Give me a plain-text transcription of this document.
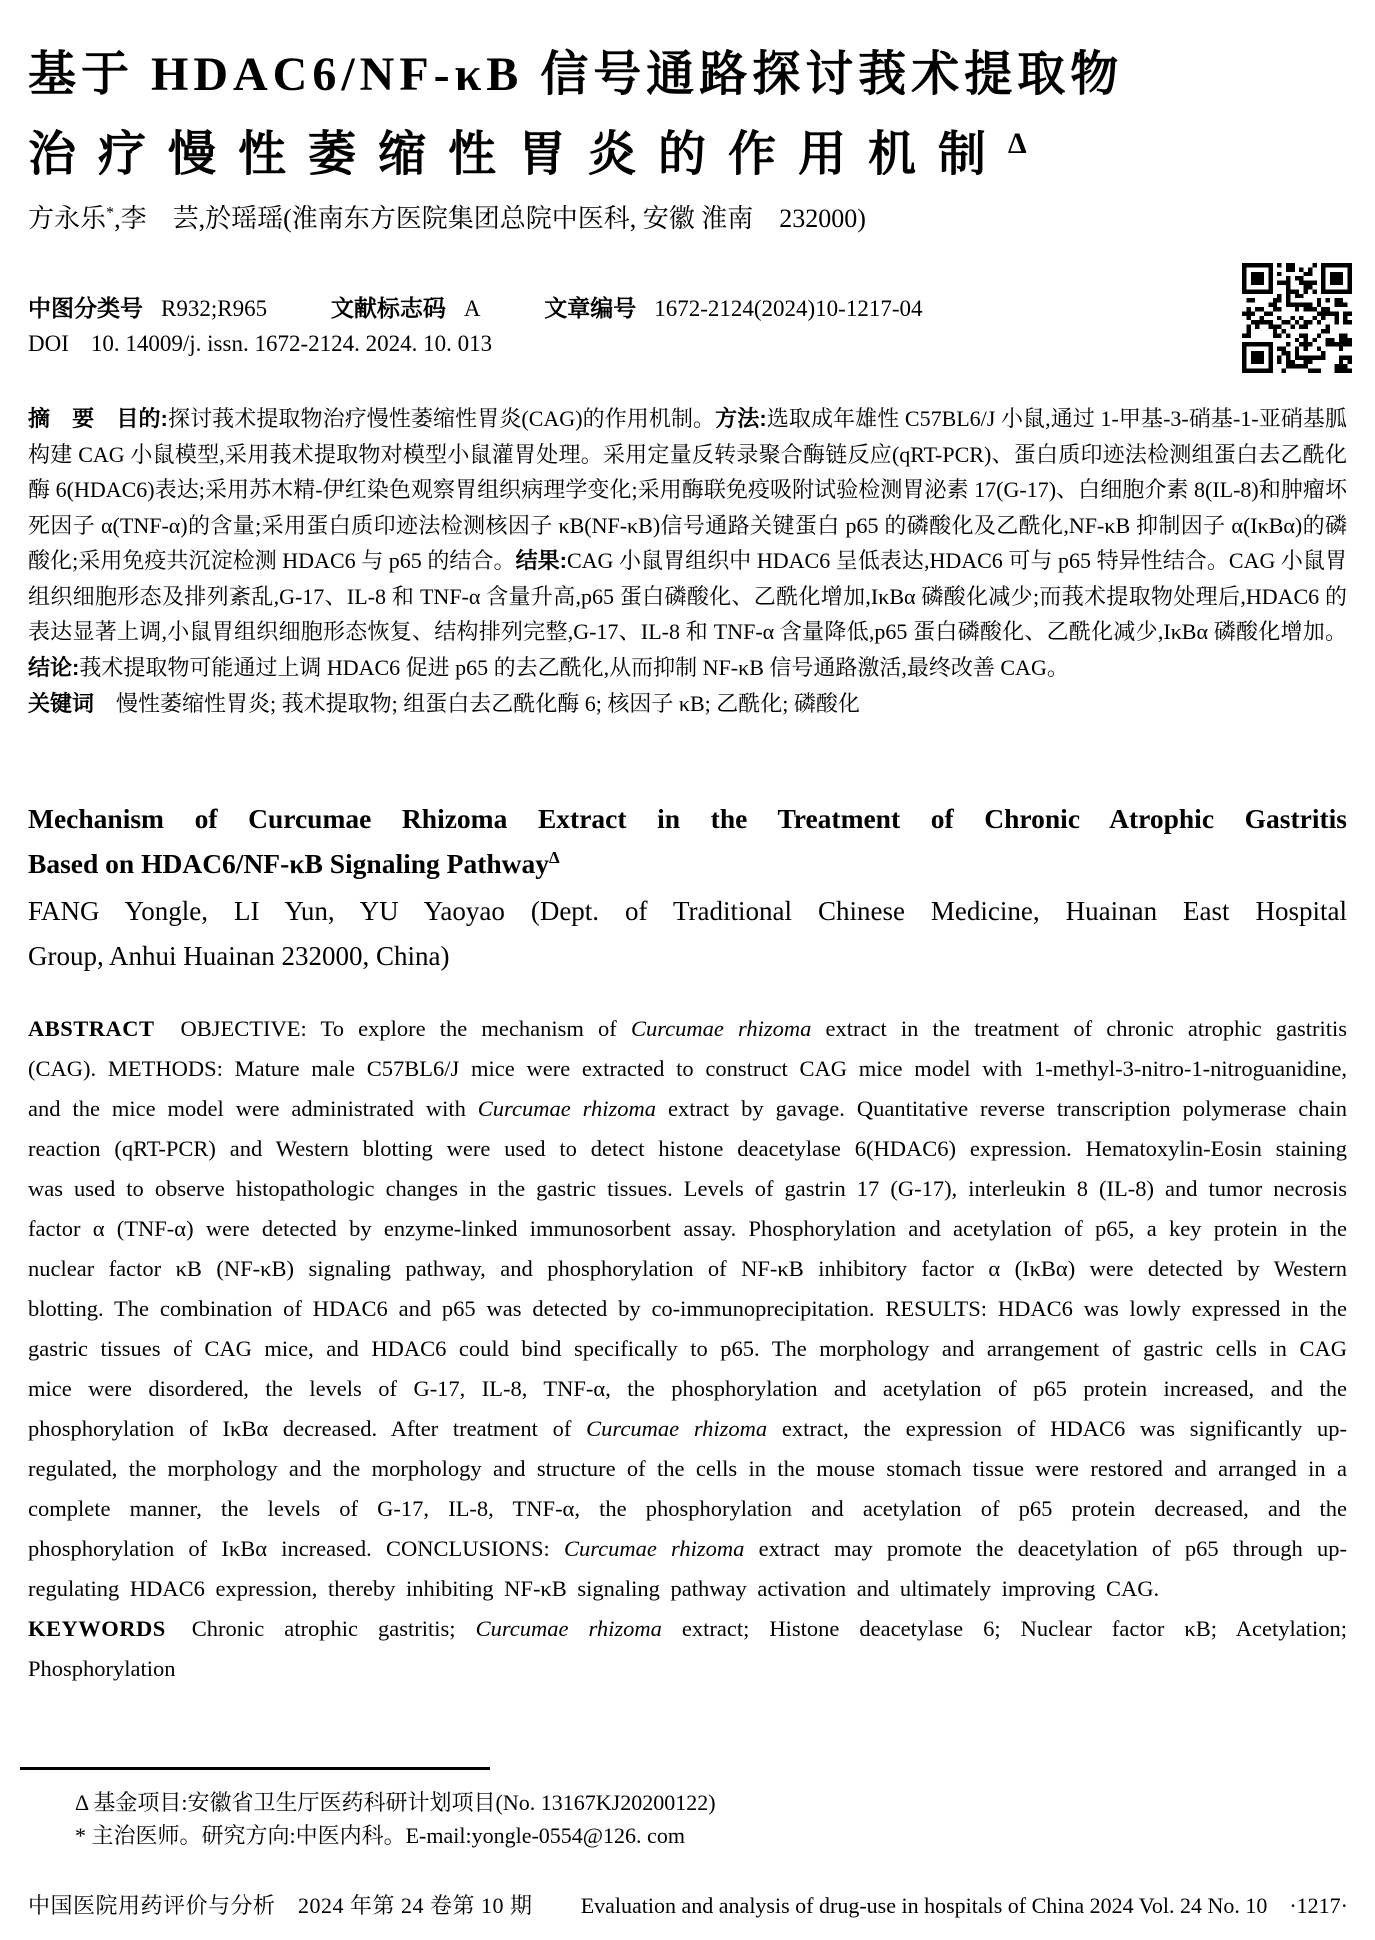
基于 HDAC6/NF-κB 信号通路探讨莪术提取物
治疗慢性萎缩性胃炎的作用机制$^\Delta$
方永乐*,李　芸,於瑶瑶(淮南东方医院集团总院中医科, 安徽 淮南　232000)
中图分类号 R932;R965	文献标志码 A	文章编号 1672-2124(2024)10-1217-04
DOI 10. 14009/j. issn. 1672-2124. 2024. 10. 013

摘　要　 目的:探讨莪术提取物治疗慢性萎缩性胃炎(CAG)的作用机制。方法:选取成年雄性 C57BL6/J 小鼠,通过 1-甲基-3-硝基-1-亚硝基胍构建 CAG 小鼠模型,采用莪术提取物对模型小鼠灌胃处理。采用定量反转录聚合酶链反应(qRT-PCR)、蛋白质印迹法检测组蛋白去乙酰化酶 6(HDAC6)表达;采用苏木精-伊红染色观察胃组织病理学变化;采用酶联免疫吸附试验检测胃泌素 17(G-17)、白细胞介素 8(IL-8)和肿瘤坏死因子 α(TNF-α)的含量;采用蛋白质印迹法检测核因子 κB(NF-κB)信号通路关键蛋白 p65 的磷酸化及乙酰化,NF-κB 抑制因子 α(IκBα)的磷酸化;采用免疫共沉淀检测 HDAC6 与 p65 的结合。结果:CAG 小鼠胃组织中 HDAC6 呈低表达,HDAC6 可与 p65 特异性结合。CAG 小鼠胃组织细胞形态及排列紊乱,G-17、IL-8 和 TNF-α 含量升高,p65 蛋白磷酸化、乙酰化增加,IκBα 磷酸化减少;而莪术提取物处理后,HDAC6 的表达显著上调,小鼠胃组织细胞形态恢复、结构排列完整,G-17、IL-8 和 TNF-α 含量降低,p65 蛋白磷酸化、乙酰化减少,IκBα 磷酸化增加。结论:莪术提取物可能通过上调 HDAC6 促进 p65 的去乙酰化,从而抑制 NF-κB 信号通路激活,最终改善 CAG。

关键词　 慢性萎缩性胃炎; 莪术提取物; 组蛋白去乙酰化酶 6; 核因子 κB; 乙酰化; 磷酸化

Mechanism of Curcumae Rhizoma Extract in the Treatment of Chronic Atrophic Gastritis
Based on HDAC6/NF-κB Signaling Pathway$^\Delta$
FANG Yongle, LI Yun, YU Yaoyao (Dept. of Traditional Chinese Medicine, Huainan East Hospital
Group, Anhui Huainan 232000, China)

ABSTRACT OBJECTIVE: To explore the mechanism of Curcumae rhizoma extract in the treatment of chronic atrophic gastritis (CAG). METHODS: Mature male C57BL6/J mice were extracted to construct CAG mice model with 1-methyl-3-nitro-1-nitroguanidine, and the mice model were administrated with Curcumae rhizoma extract by gavage. Quantitative reverse transcription polymerase chain reaction (qRT-PCR) and Western blotting were used to detect histone deacetylase 6(HDAC6) expression. Hematoxylin-Eosin staining was used to observe histopathologic changes in the gastric tissues. Levels of gastrin 17 (G-17), interleukin 8 (IL-8) and tumor necrosis factor α (TNF-α) were detected by enzyme-linked immunosorbent assay. Phosphorylation and acetylation of p65, a key protein in the nuclear factor κB (NF-κB) signaling pathway, and phosphorylation of NF-κB inhibitory factor α (IκBα) were detected by Western blotting. The combination of HDAC6 and p65 was detected by co-immunoprecipitation. RESULTS: HDAC6 was lowly expressed in the gastric tissues of CAG mice, and HDAC6 could bind specifically to p65. The morphology and arrangement of gastric cells in CAG mice were disordered, the levels of G-17, IL-8, TNF-α, the phosphorylation and acetylation of p65 protein increased, and the phosphorylation of IκBα decreased. After treatment of Curcumae rhizoma extract, the expression of HDAC6 was significantly up-regulated, the morphology and the morphology and structure of the cells in the mouse stomach tissue were restored and arranged in a complete manner, the levels of G-17, IL-8, TNF-α, the phosphorylation and acetylation of p65 protein decreased, and the phosphorylation of IκBα increased. CONCLUSIONS: Curcumae rhizoma extract may promote the deacetylation of p65 through up-regulating HDAC6 expression, thereby inhibiting NF-κB signaling pathway activation and ultimately improving CAG.

KEYWORDS Chronic atrophic gastritis; Curcumae rhizoma extract; Histone deacetylase 6; Nuclear factor κB; Acetylation; Phosphorylation

Δ 基金项目:安徽省卫生厅医药科研计划项目(No. 13167KJ20200122)
* 主治医师。研究方向:中医内科。E-mail:yongle-0554@126. com
中国医院用药评价与分析　2024 年第 24 卷第 10 期 Evaluation and analysis of drug-use in hospitals of China 2024 Vol. 24 No. 10　·1217·
